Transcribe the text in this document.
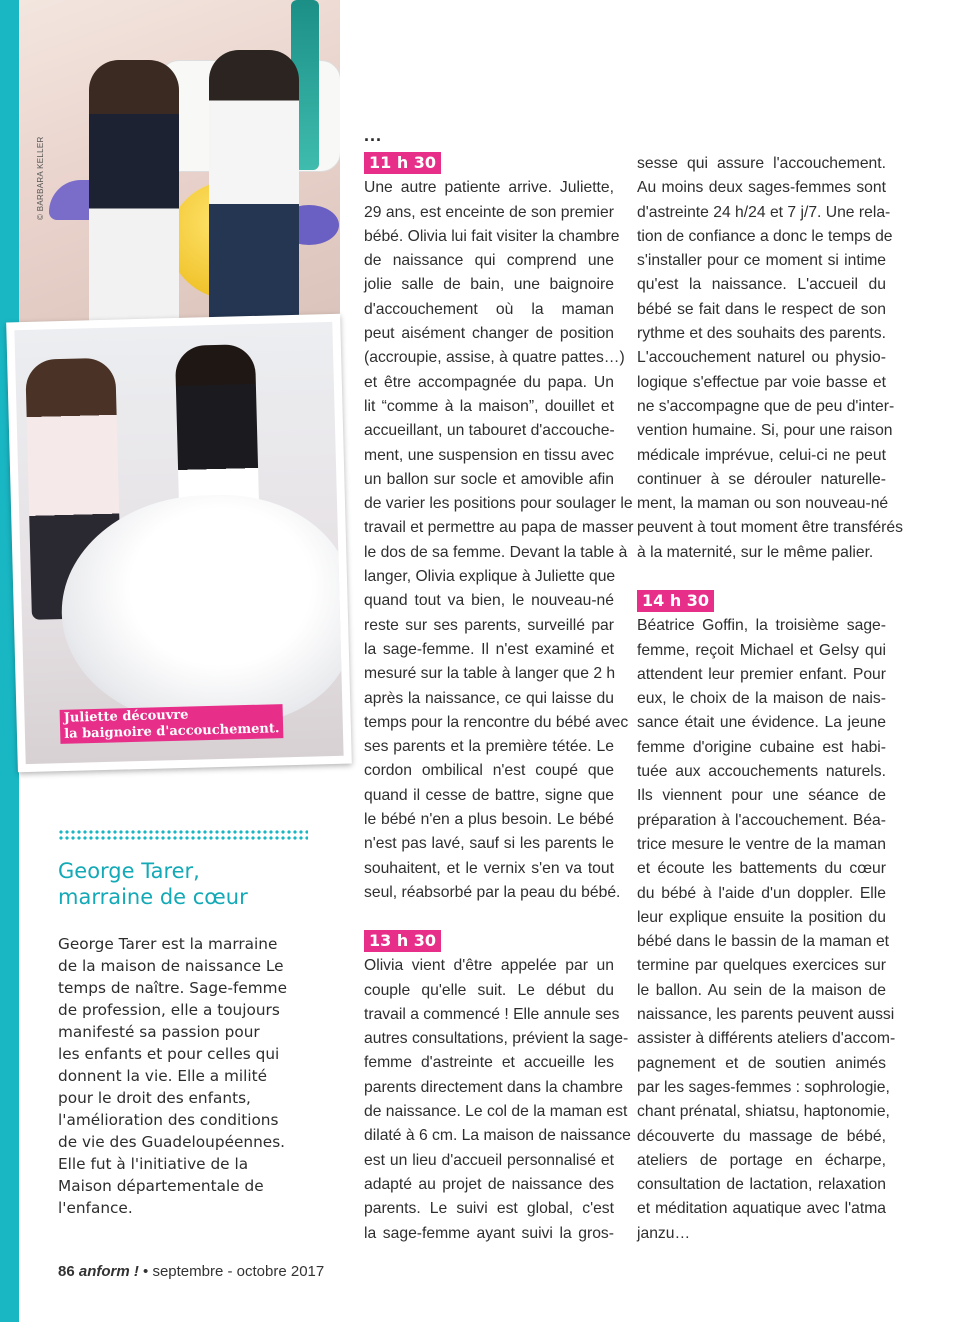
© BARBARA KELLER
Juliette découvre
la baignoire d'accouchement.
George Tarer,
marraine de cœur
George Tarer est la marraine
de la maison de naissance Le
temps de naître. Sage-femme
de profession, elle a toujours
manifesté sa passion pour
les enfants et pour celles qui
donnent la vie. Elle a milité
pour le droit des enfants,
l'amélioration des conditions
de vie des Guadeloupéennes.
Elle fut à l'initiative de la
Maison départementale de
l'enfance.
...
11 h 30
Une autre patiente arrive. Juliette,
29 ans, est enceinte de son premier
bébé. Olivia lui fait visiter la chambre
de naissance qui comprend une
jolie salle de bain, une baignoire
d'accouchement où la maman
peut aisément changer de position
(accroupie, assise, à quatre pattes…)
et être accompagnée du papa. Un
lit “comme à la maison”, douillet et
accueillant, un tabouret d'accouche-
ment, une suspension en tissu avec
un ballon sur socle et amovible afin
de varier les positions pour soulager le
travail et permettre au papa de masser
le dos de sa femme. Devant la table à
langer, Olivia explique à Juliette que
quand tout va bien, le nouveau-né
reste sur ses parents, surveillé par
la sage-femme. Il n'est examiné et
mesuré sur la table à langer que 2 h
après la naissance, ce qui laisse du
temps pour la rencontre du bébé avec
ses parents et la première tétée. Le
cordon ombilical n'est coupé que
quand il cesse de battre, signe que
le bébé n'en a plus besoin. Le bébé
n'est pas lavé, sauf si les parents le
souhaitent, et le vernix s'en va tout
seul, réabsorbé par la peau du bébé.
13 h 30
Olivia vient d'être appelée par un
couple qu'elle suit. Le début du
travail a commencé ! Elle annule ses
autres consultations, prévient la sage-
femme d'astreinte et accueille les
parents directement dans la chambre
de naissance. Le col de la maman est
dilaté à 6 cm. La maison de naissance
est un lieu d'accueil personnalisé et
adapté au projet de naissance des
parents. Le suivi est global, c'est
la sage-femme ayant suivi la gros-
sesse qui assure l'accouchement.
Au moins deux sages-femmes sont
d'astreinte 24 h/24 et 7 j/7. Une rela-
tion de confiance a donc le temps de
s'installer pour ce moment si intime
qu'est la naissance. L'accueil du
bébé se fait dans le respect de son
rythme et des souhaits des parents.
L'accouchement naturel ou physio-
logique s'effectue par voie basse et
ne s'accompagne que de peu d'inter-
vention humaine. Si, pour une raison
médicale imprévue, celui-ci ne peut
continuer à se dérouler naturelle-
ment, la maman ou son nouveau-né
peuvent à tout moment être transférés
à la maternité, sur le même palier.
14 h 30
Béatrice Goffin, la troisième sage-
femme, reçoit Michael et Gelsy qui
attendent leur premier enfant. Pour
eux, le choix de la maison de nais-
sance était une évidence. La jeune
femme d'origine cubaine est habi-
tuée aux accouchements naturels.
Ils viennent pour une séance de
préparation à l'accouchement. Béa-
trice mesure le ventre de la maman
et écoute les battements du cœur
du bébé à l'aide d'un doppler. Elle
leur explique ensuite la position du
bébé dans le bassin de la maman et
termine par quelques exercices sur
le ballon. Au sein de la maison de
naissance, les parents peuvent aussi
assister à différents ateliers d'accom-
pagnement et de soutien animés
par les sages-femmes : sophrologie,
chant prénatal, shiatsu, haptonomie,
découverte du massage de bébé,
ateliers de portage en écharpe,
consultation de lactation, relaxation
et méditation aquatique avec l'atma
janzu…
86 anform ! • septembre - octobre 2017
